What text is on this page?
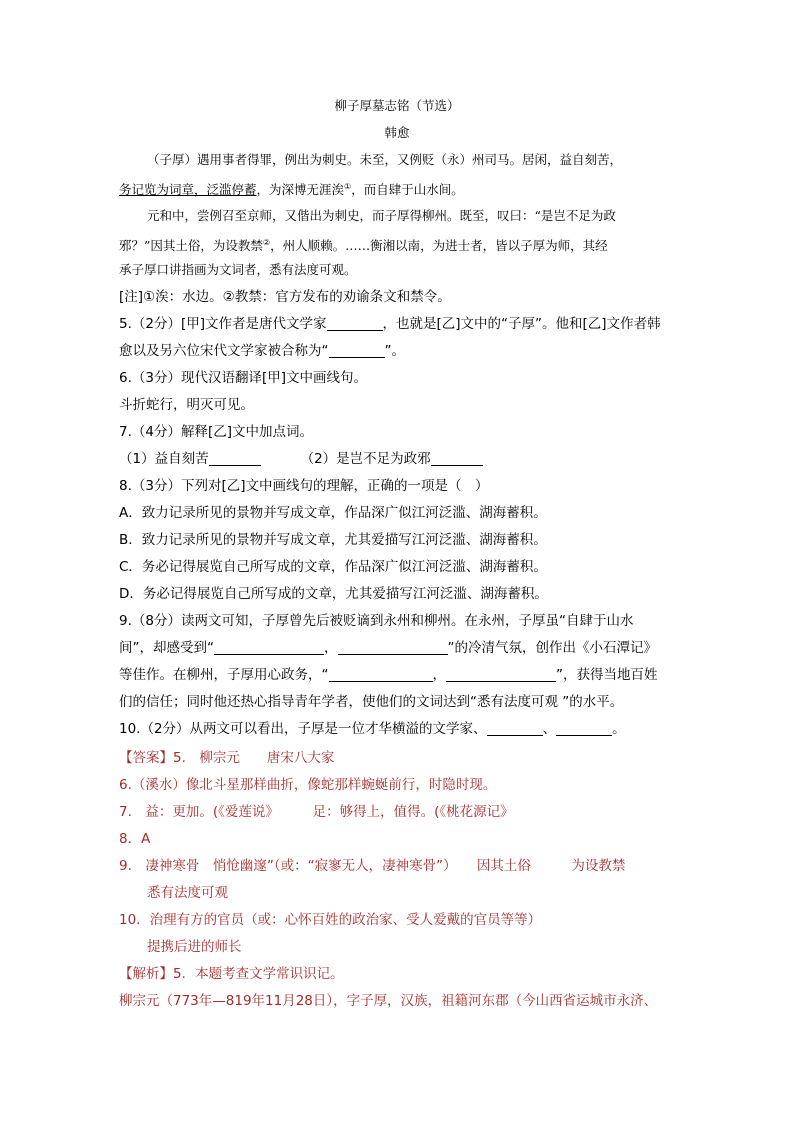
柳子厚墓志铭（节选）
韩愈
（子厚）遇用事者得罪，例出为刺史。未至，又例贬（永）州司马。居闲，益自刻苦，
务记览为词章，泛滥停蓄，为深博无涯涘①，而自肆于山水间。
元和中，尝例召至京师，又偕出为刺史，而子厚得柳州。既至，叹曰：“是岂不足为政
邪？”因其土俗，为设教禁②，州人顺赖。……衡湘以南，为进士者，皆以子厚为师，其经
承子厚口讲指画为文词者，悉有法度可观。
[注]①涘：水边。②教禁：官方发布的劝谕条文和禁令。
5.（2分）[甲]文作者是唐代文学家	，也就是[乙]文中的“子厚”。他和[乙]文作者韩
愈以及另六位宋代文学家被合称为“	”。
6.（3分）现代汉语翻译[甲]文中画线句。
斗折蛇行，明灭可见。
7.（4分）解释[乙]文中加点词。
（1）益自刻苦	（2）是岂不足为政邪
8.（3分）下列对[乙]文中画线句的理解，正确的一项是（　）
A．致力记录所见的景物并写成文章，作品深广似江河泛滥、湖海蓄积。
B．致力记录所见的景物并写成文章，尤其爱描写江河泛滥、湖海蓄积。
C．务必记得展览自己所写成的文章，作品深广似江河泛滥、湖海蓄积。
D．务必记得展览自己所写成的文章，尤其爱描写江河泛滥、湖海蓄积。
9.（8分）读两文可知，子厚曾先后被贬谪到永州和柳州。在永州，子厚虽“自肆于山水
间”，却感受到“	，	”的冷清气氛，创作出《小石潭记》
等佳作。在柳州，子厚用心政务，“	，	”，获得当地百姓
们的信任；同时他还热心指导青年学者，使他们的文词达到“悉有法度可观 ”的水平。
10.（2分）从两文可以看出，子厚是一位才华横溢的文学家、	、	。
【答案】5.　柳宗元　　唐宋八大家
6.（溪水）像北斗星那样曲折，像蛇那样蜿蜒前行，时隐时现。
7.　益：更加。(《爱莲说》　　　足：够得上，值得。(《桃花源记》
8．A
9.　凄神寒骨　悄怆幽邃”（或：“寂寥无人，凄神寒骨”）　　因其土俗　　　为设教禁
悉有法度可观
10．治理有方的官员（或：心怀百姓的政治家、受人爱戴的官员等等）
提携后进的师长
【解析】5．本题考查文学常识识记。
柳宗元（773年—819年11月28日），字子厚，汉族，祖籍河东郡（今山西省运城市永济、
